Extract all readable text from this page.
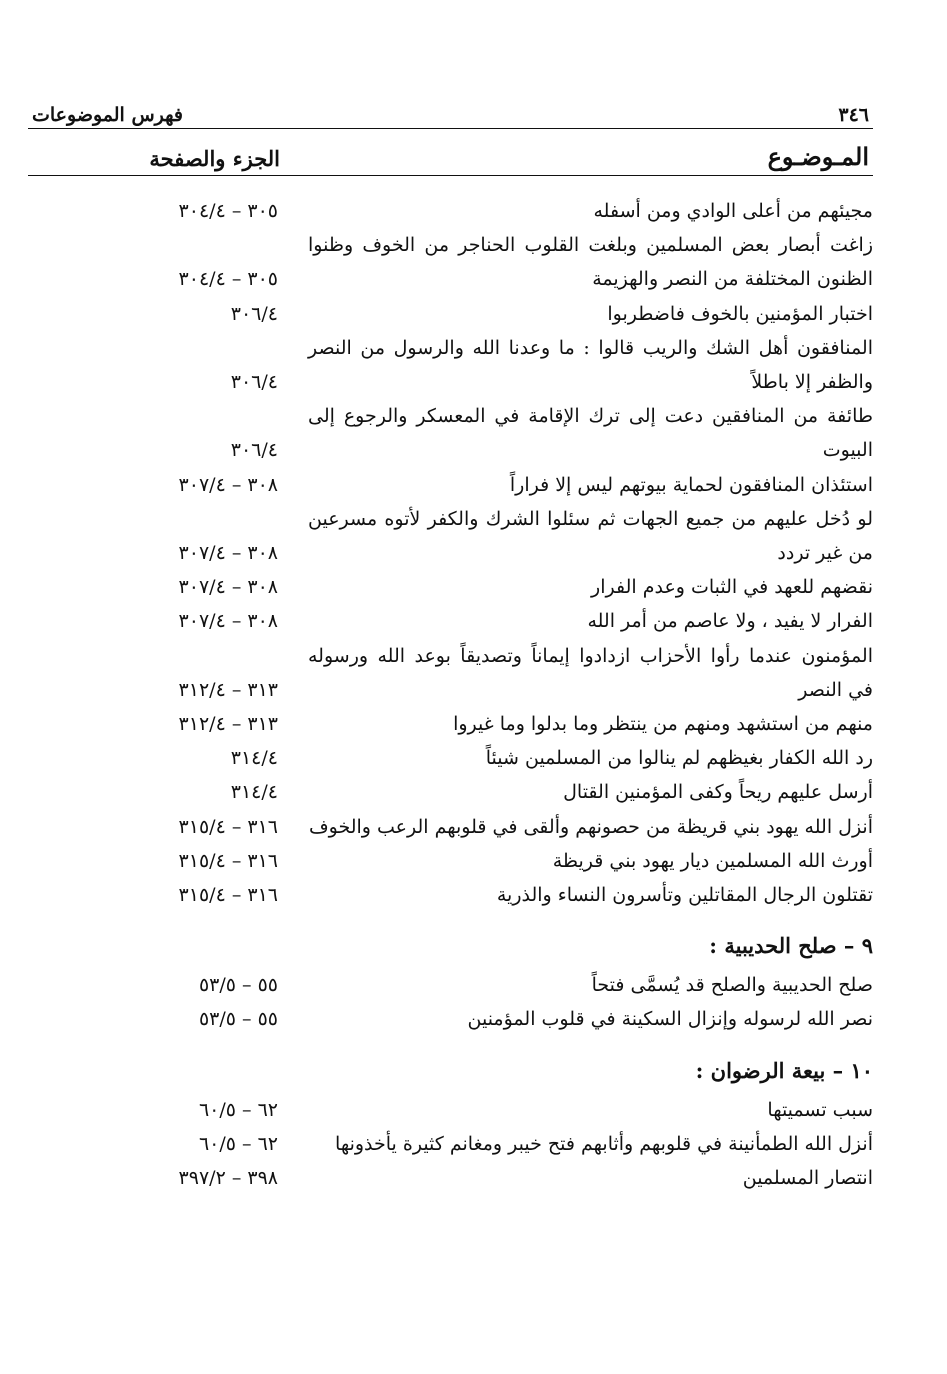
٣٤٦
فهرس الموضوعات
المـوضـوع
الجزء والصفحة
مجيئهم من أعلى الوادي ومن أسفله
٣٠٥ – ٣٠٤/٤
زاغت أبصار بعض المسلمين وبلغت القلوب الحناجر من الخوف وظنوا الظنون المختلفة من النصر والهزيمة
٣٠٥ – ٣٠٤/٤
اختبار المؤمنين بالخوف فاضطربوا
٣٠٦/٤
المنافقون أهل الشك والريب قالوا : ما وعدنا الله والرسول من النصر والظفر إلا باطلاً
٣٠٦/٤
طائفة من المنافقين دعت إلى ترك الإقامة في المعسكر والرجوع إلى البيوت
٣٠٦/٤
استئذان المنافقون لحماية بيوتهم ليس إلا فراراً
٣٠٨ – ٣٠٧/٤
لو دُخل عليهم من جميع الجهات ثم سئلوا الشرك والكفر لأتوه مسرعين من غير تردد
٣٠٨ – ٣٠٧/٤
نقضهم للعهد في الثبات وعدم الفرار
٣٠٨ – ٣٠٧/٤
الفرار لا يفيد ، ولا عاصم من أمر الله
٣٠٨ – ٣٠٧/٤
المؤمنون عندما رأوا الأحزاب ازدادوا إيماناً وتصديقاً بوعد الله ورسوله في النصر
٣١٣ – ٣١٢/٤
منهم من استشهد ومنهم من ينتظر وما بدلوا وما غيروا
٣١٣ – ٣١٢/٤
رد الله الكفار بغيظهم لم ينالوا من المسلمين شيئاً
٣١٤/٤
أرسل عليهم ريحاً وكفى المؤمنين القتال
٣١٤/٤
أنزل الله يهود بني قريظة من حصونهم وألقى في قلوبهم الرعب والخوف
٣١٦ – ٣١٥/٤
أورث الله المسلمين ديار يهود بني قريظة
٣١٦ – ٣١٥/٤
تقتلون الرجال المقاتلين وتأسرون النساء والذرية
٣١٦ – ٣١٥/٤
٩ – صلح الحديبية :
صلح الحديبية والصلح قد يُسمَّى فتحاً
٥٥ – ٥٣/٥
نصر الله لرسوله وإنزال السكينة في قلوب المؤمنين
٥٥ – ٥٣/٥
١٠ – بيعة الرضوان :
سبب تسميتها
٦٢ – ٦٠/٥
أنزل الله الطمأنينة في قلوبهم وأثابهم فتح خيبر ومغانم كثيرة يأخذونها
٦٢ – ٦٠/٥
انتصار المسلمين
٣٩٨ – ٣٩٧/٢
